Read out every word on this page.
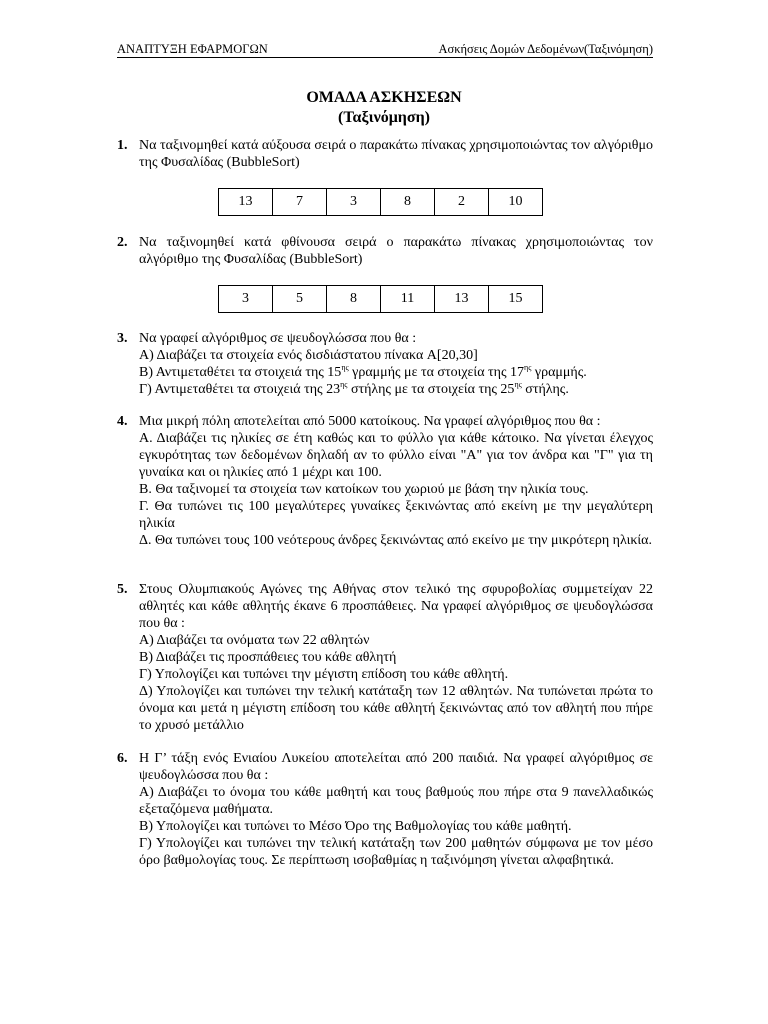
ΑΝΑΠΤΥΞΗ ΕΦΑΡΜΟΓΩΝ	Ασκήσεις Δομών Δεδομένων(Ταξινόμηση)
ΟΜΑΔΑ ΑΣΚΗΣΕΩΝ
(Ταξινόμηση)
1. Να ταξινομηθεί κατά αύξουσα σειρά ο παρακάτω πίνακας χρησιμοποιώντας τον αλγόριθμο της Φυσαλίδας (BubbleSort)
13	7	3	8	2	10
2. Να ταξινομηθεί κατά φθίνουσα σειρά ο παρακάτω πίνακας χρησιμοποιώντας τον αλγόριθμο της Φυσαλίδας (BubbleSort)
3	5	8	11	13	15
3. Να γραφεί αλγόριθμος σε ψευδογλώσσα που θα :
Α) Διαβάζει τα στοιχεία ενός δισδιάστατου πίνακα A[20,30]
Β) Αντιμεταθέτει τα στοιχειά της $15^{\eta\varsigma}$ γραμμής με τα στοιχεία της $17^{\eta\varsigma}$ γραμμής.
Γ) Αντιμεταθέτει τα στοιχειά της $23^{\eta\varsigma}$ στήλης με τα στοιχεία της $25^{\eta\varsigma}$ στήλης.
4. Μια μικρή πόλη αποτελείται από 5000 κατοίκους. Να γραφεί αλγόριθμος που θα :
Α. Διαβάζει τις ηλικίες σε έτη καθώς και το φύλλο για κάθε κάτοικο. Να γίνεται έλεγχος εγκυρότητας των δεδομένων δηλαδή αν το φύλλο είναι "Α" για τον άνδρα και "Γ" για τη γυναίκα και οι ηλικίες από 1 μέχρι και 100.
Β. Θα ταξινομεί τα στοιχεία των κατοίκων του χωριού με βάση την ηλικία τους.
Γ. Θα τυπώνει τις 100 μεγαλύτερες γυναίκες ξεκινώντας από εκείνη με την μεγαλύτερη ηλικία
Δ. Θα τυπώνει τους 100 νεότερους άνδρες ξεκινώντας από εκείνο με την μικρότερη ηλικία.
5. Στους Ολυμπιακούς Αγώνες της Αθήνας στον τελικό της σφυροβολίας συμμετείχαν 22 αθλητές και κάθε αθλητής έκανε 6 προσπάθειες. Να γραφεί αλγόριθμος σε ψευδογλώσσα που θα :
Α) Διαβάζει τα ονόματα των 22 αθλητών
Β) Διαβάζει τις προσπάθειες του κάθε αθλητή
Γ) Υπολογίζει και τυπώνει την μέγιστη επίδοση του κάθε αθλητή.
Δ) Υπολογίζει και τυπώνει την τελική κατάταξη των 12 αθλητών. Να τυπώνεται πρώτα το όνομα και μετά η μέγιστη επίδοση του κάθε αθλητή ξεκινώντας από τον αθλητή που πήρε το χρυσό μετάλλιο
6. Η Γ’ τάξη ενός Ενιαίου Λυκείου αποτελείται από 200 παιδιά. Να γραφεί αλγόριθμος σε ψευδογλώσσα που θα :
Α) Διαβάζει το όνομα του κάθε μαθητή και τους βαθμούς που πήρε στα 9 πανελλαδικώς εξεταζόμενα μαθήματα.
Β) Υπολογίζει και τυπώνει το Μέσο Όρο της Βαθμολογίας του κάθε μαθητή.
Γ) Υπολογίζει και τυπώνει την τελική κατάταξη των 200 μαθητών σύμφωνα με τον μέσο όρο βαθμολογίας τους. Σε περίπτωση ισοβαθμίας η ταξινόμηση γίνεται αλφαβητικά.
